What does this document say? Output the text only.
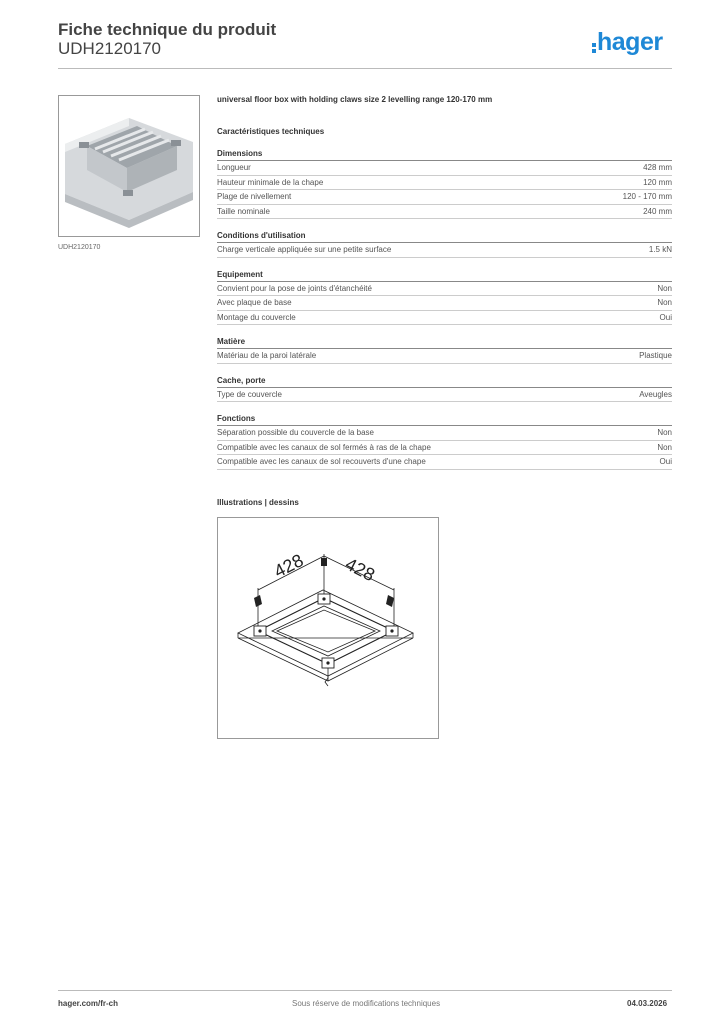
Fiche technique du produit
UDH2120170	hager
UDH2120170
universal floor box with holding claws size 2 levelling range 120-170 mm
Caractéristiques techniques
Dimensions
Longueur	428 mm
Hauteur minimale de la chape	120 mm
Plage de nivellement	120 - 170 mm
Taille nominale	240 mm
Conditions d'utilisation
Charge verticale appliquée sur une petite surface	1.5 kN
Equipement
Convient pour la pose de joints d'étanchéité	Non
Avec plaque de base	Non
Montage du couvercle	Oui
Matière
Matériau de la paroi latérale	Plastique
Cache, porte
Type de couvercle	Aveugles
Fonctions
Séparation possible du couvercle de la base	Non
Compatible avec les canaux de sol fermés à ras de la chape	Non
Compatible avec les canaux de sol recouverts d'une chape	Oui
Illustrations | dessins
428 428
hager.com/fr-ch	Sous réserve de modifications techniques	04.03.2026
